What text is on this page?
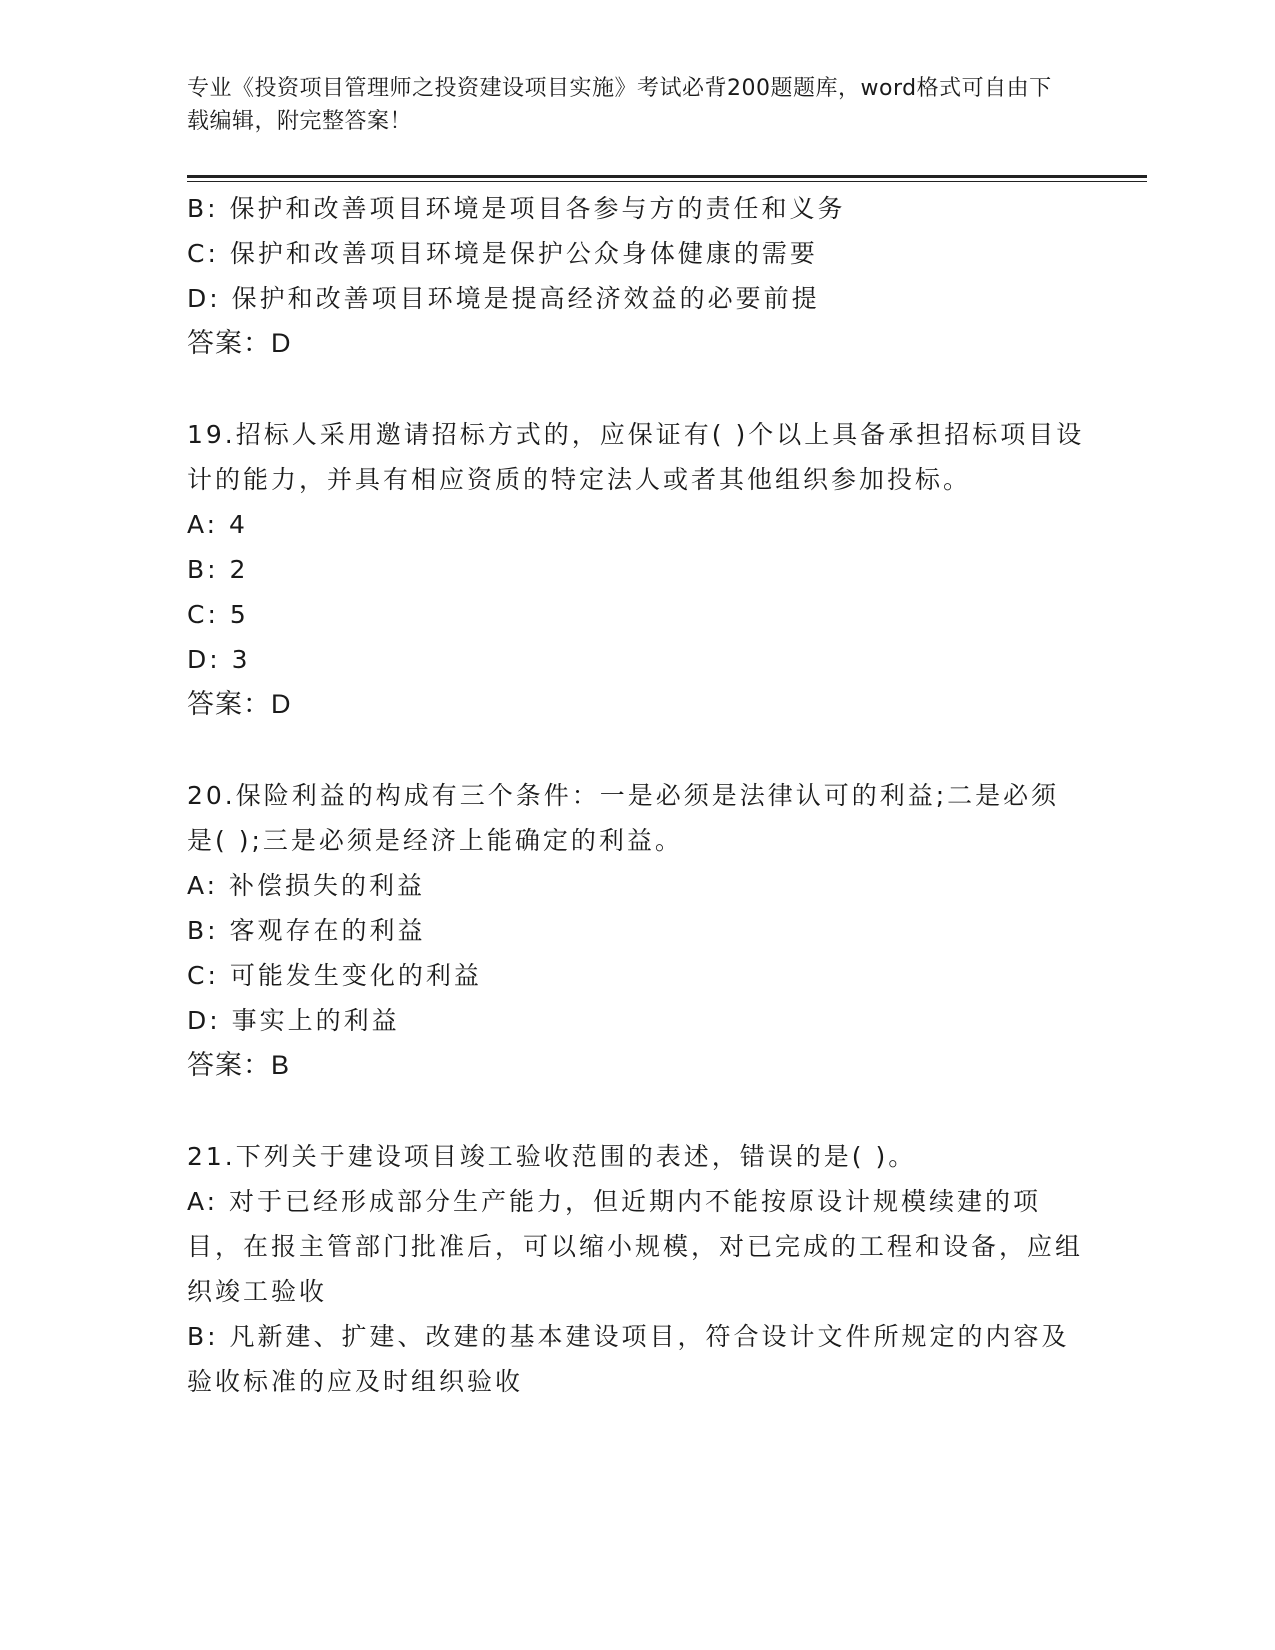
专业《投资项目管理师之投资建设项目实施》考试必背200题题库，word格式可自由下载编辑，附完整答案！
B: 保护和改善项目环境是项目各参与方的责任和义务
C: 保护和改善项目环境是保护公众身体健康的需要
D: 保护和改善项目环境是提高经济效益的必要前提
答案：D
19.招标人采用邀请招标方式的，应保证有( )个以上具备承担招标项目设计的能力，并具有相应资质的特定法人或者其他组织参加投标。
A: 4
B: 2
C: 5
D: 3
答案：D
20.保险利益的构成有三个条件：一是必须是法律认可的利益;二是必须是( );三是必须是经济上能确定的利益。
A: 补偿损失的利益
B: 客观存在的利益
C: 可能发生变化的利益
D: 事实上的利益
答案：B
21.下列关于建设项目竣工验收范围的表述，错误的是( )。
A: 对于已经形成部分生产能力，但近期内不能按原设计规模续建的项目，在报主管部门批准后，可以缩小规模，对已完成的工程和设备，应组织竣工验收
B: 凡新建、扩建、改建的基本建设项目，符合设计文件所规定的内容及验收标准的应及时组织验收
